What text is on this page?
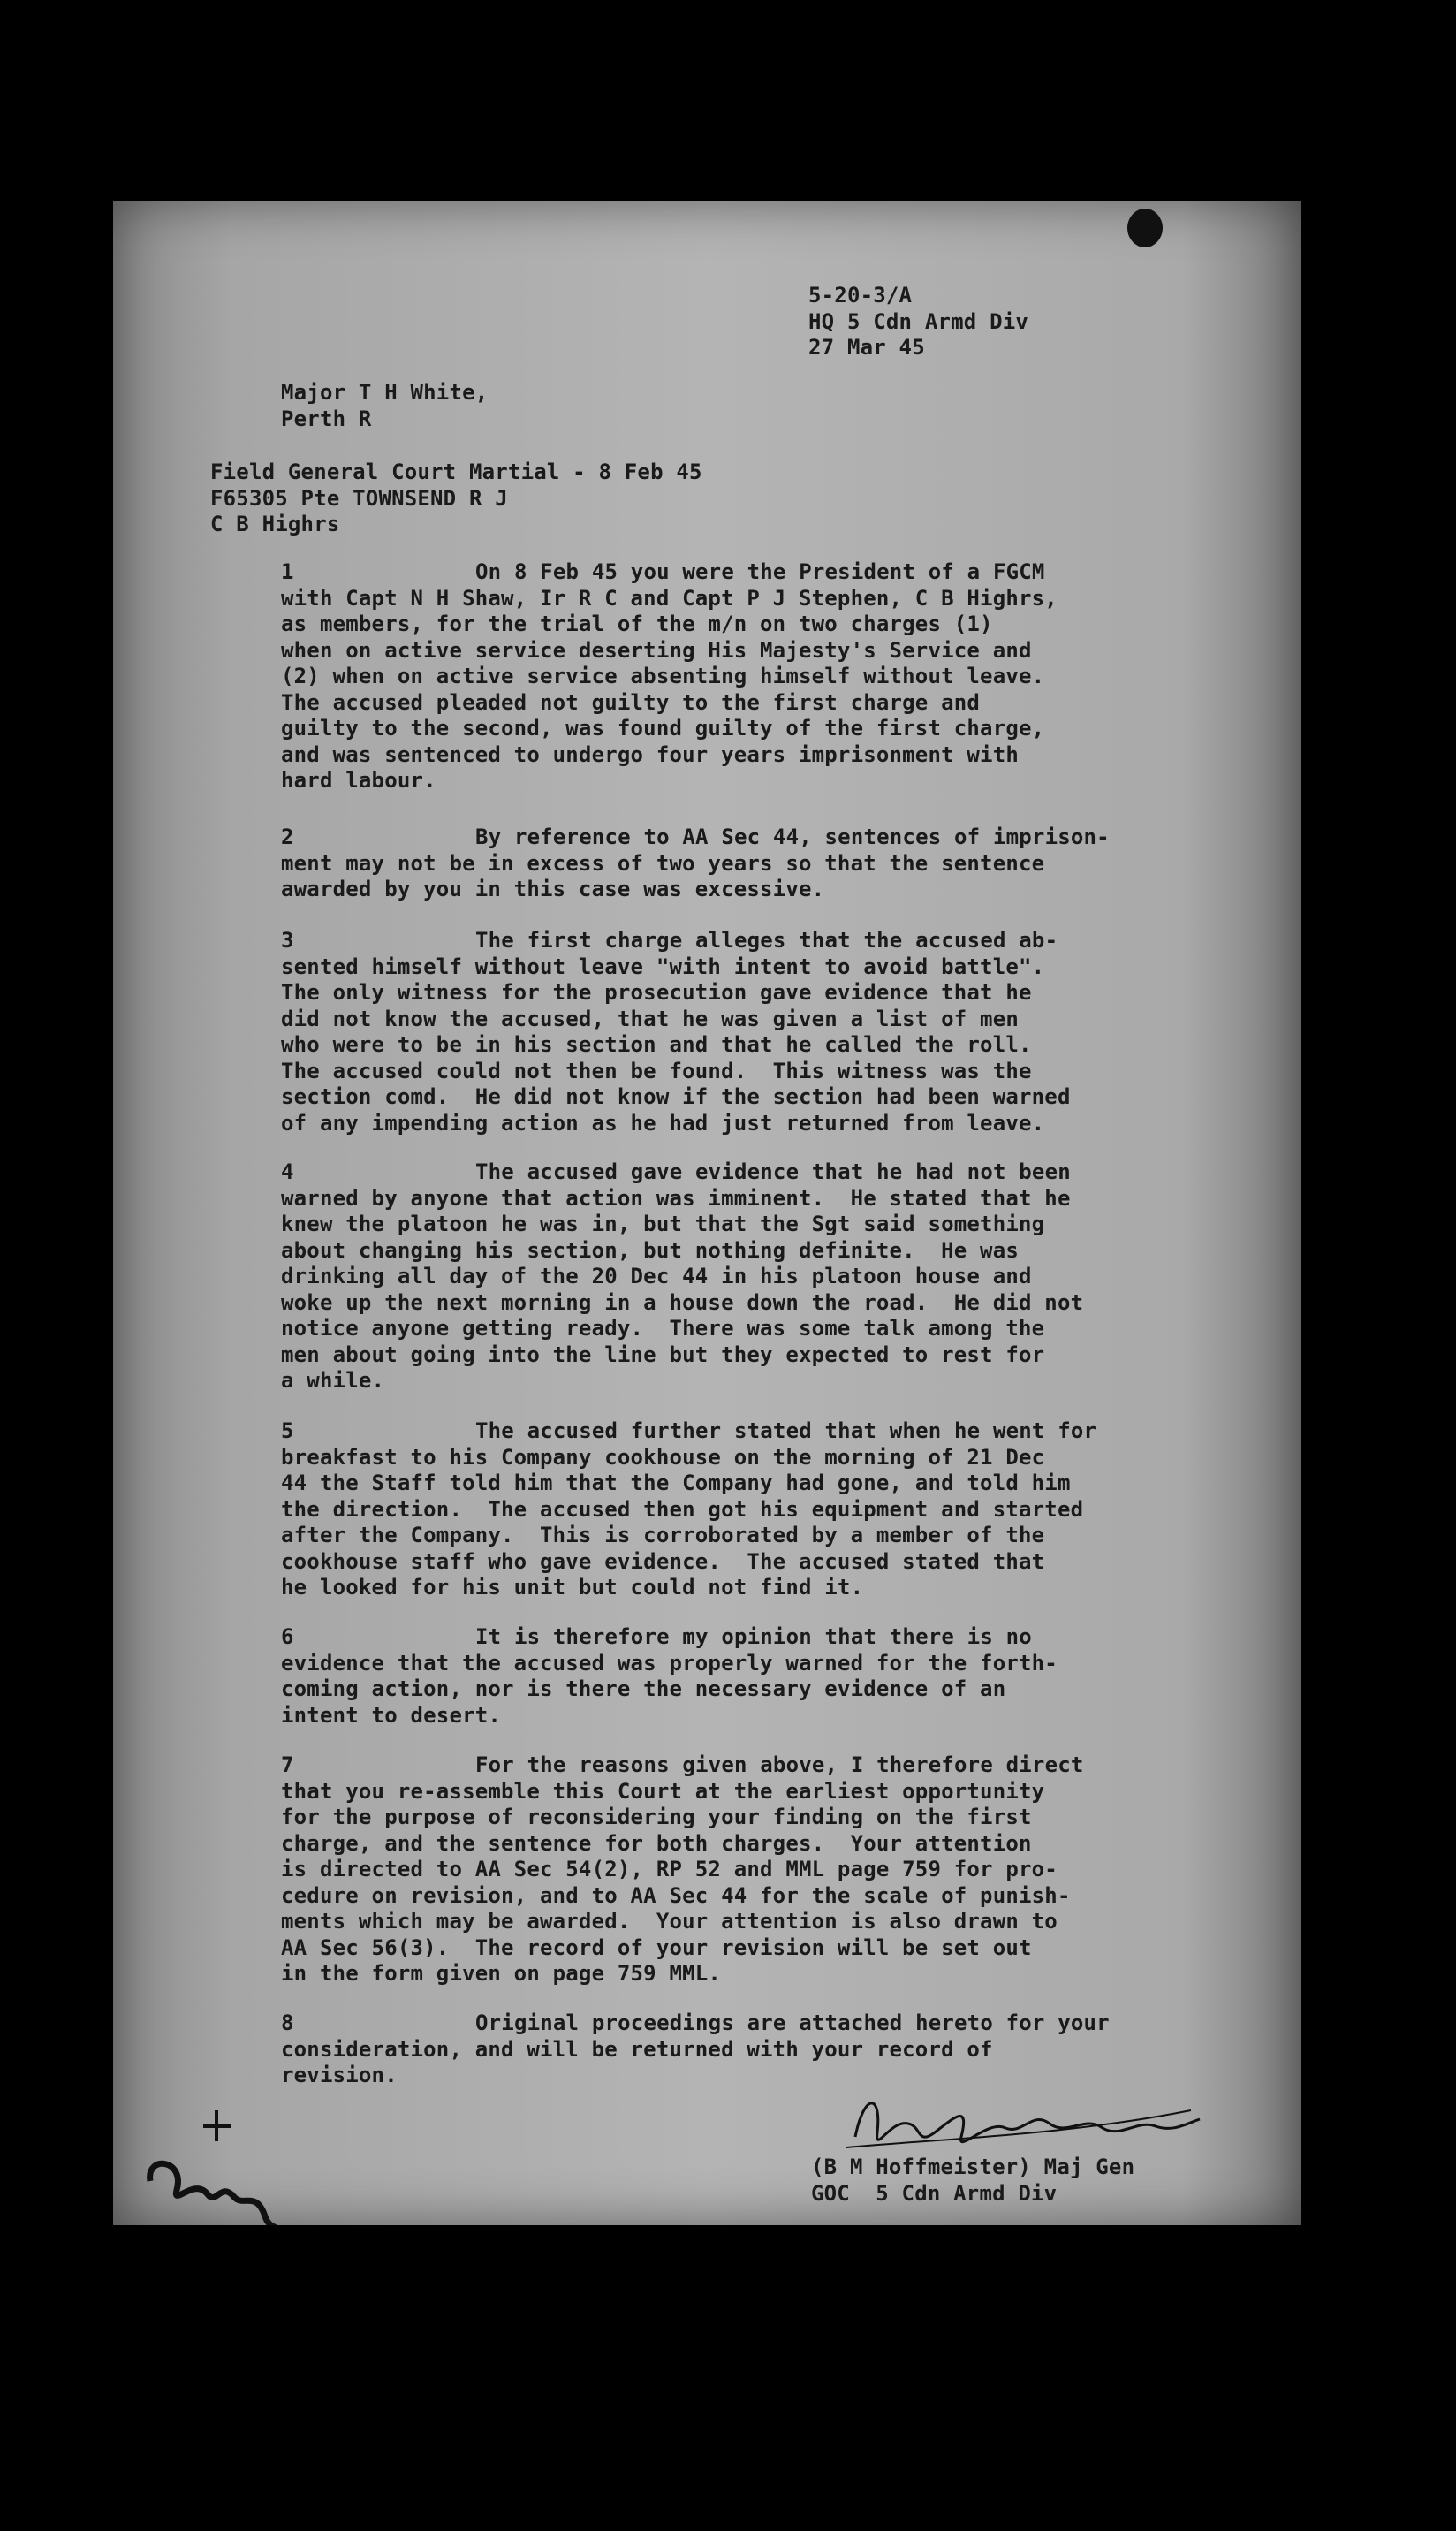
5-20-3/A
HQ 5 Cdn Armd Div
27 Mar 45
Major T H White,
Perth R
Field General Court Martial - 8 Feb 45
F65305 Pte TOWNSEND R J
C B Highrs

1

	On 8 Feb 45 you were the President of a FGCM

with Capt N H Shaw, Ir R C and Capt P J Stephen, C B Highrs,
as members, for the trial of the m/n on two charges (1)
when on active service deserting His Majesty's Service and
(2) when on active service absenting himself without leave.
The accused pleaded not guilty to the first charge and
guilty to the second, was found guilty of the first charge,
and was sentenced to undergo four years imprisonment with
hard labour.

2

	By reference to AA Sec 44, sentences of imprison-

ment may not be in excess of two years so that the sentence
awarded by you in this case was excessive.

3

	The first charge alleges that the accused ab-

sented himself without leave "with intent to avoid battle".
The only witness for the prosecution gave evidence that he
did not know the accused, that he was given a list of men
who were to be in his section and that he called the roll.
The accused could not then be found.  This witness was the
section comd.  He did not know if the section had been warned
of any impending action as he had just returned from leave.

4

	The accused gave evidence that he had not been

warned by anyone that action was imminent.  He stated that he
knew the platoon he was in, but that the Sgt said something
about changing his section, but nothing definite.  He was
drinking all day of the 20 Dec 44 in his platoon house and
woke up the next morning in a house down the road.  He did not
notice anyone getting ready.  There was some talk among the
men about going into the line but they expected to rest for
a while.

5

	The accused further stated that when he went for

breakfast to his Company cookhouse on the morning of 21 Dec
44 the Staff told him that the Company had gone, and told him
the direction.  The accused then got his equipment and started
after the Company.  This is corroborated by a member of the
cookhouse staff who gave evidence.  The accused stated that
he looked for his unit but could not find it.

6

	It is therefore my opinion that there is no

evidence that the accused was properly warned for the forth-
coming action, nor is there the necessary evidence of an
intent to desert.

7

	For the reasons given above, I therefore direct

that you re-assemble this Court at the earliest opportunity
for the purpose of reconsidering your finding on the first
charge, and the sentence for both charges.  Your attention
is directed to AA Sec 54(2), RP 52 and MML page 759 for pro-
cedure on revision, and to AA Sec 44 for the scale of punish-
ments which may be awarded.  Your attention is also drawn to
AA Sec 56(3).  The record of your revision will be set out
in the form given on page 759 MML.

8

	Original proceedings are attached hereto for your

consideration, and will be returned with your record of
revision.

(B M Hoffmeister) Maj Gen
GOC  5 Cdn Armd Div
